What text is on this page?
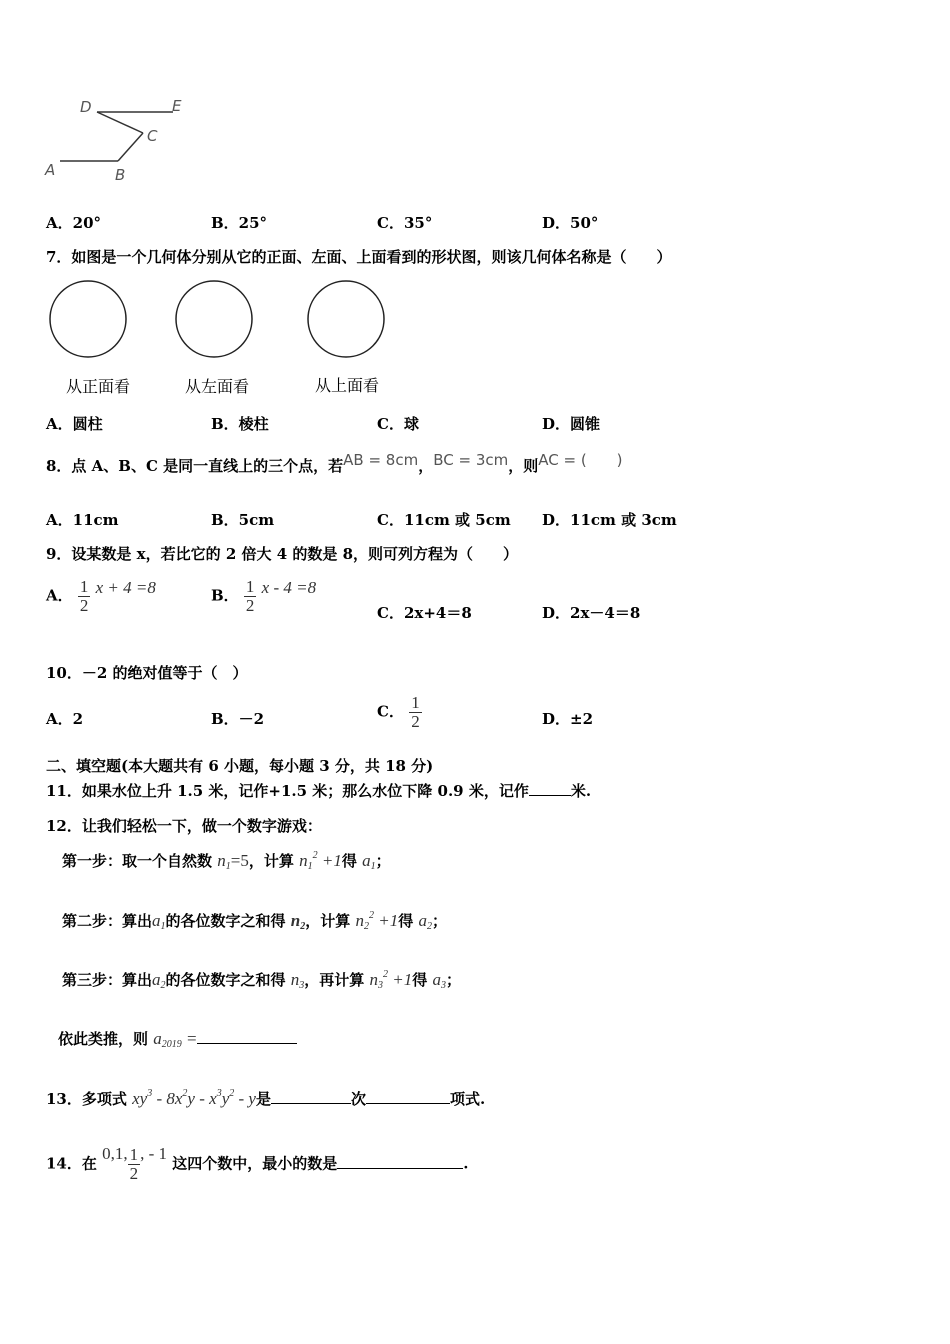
D	E
C
A	B
A．20°	B．25°	C．35°	D．50°
7．如图是一个几何体分别从它的正面、左面、上面看到的形状图，则该几何体名称是（　　）
从正面看	从左面看	从上面看
A．圆柱	B．棱柱	C．球	D．圆锥
8．点 A、B、C 是同一直线上的三个点，若AB = 8cm，BC = 3cm，则AC = (　　)
A．11cm	B．5cm	C．11cm 或 5cm D．11cm 或 3cm
9．设某数是 x，若比它的 2 倍大 4 的数是 8，则可列方程为（　　）
A． $\frac{1}{2}$ x + 4 =8	B． $\frac{1}{2}$ x - 4 =8
C．2x+4＝8	D．2x－4＝8
10．－2 的绝对值等于（　）
A．2	B．－2	C． $\frac{1}{2}$	D．±2
二、填空题(本大题共有 6 小题，每小题 3 分，共 18 分)
11．如果水位上升 1.5 米，记作+1.5 米；那么水位下降 0.9 米，记作	米.
12．让我们轻松一下，做一个数字游戏：
第一步：取一个自然数 $n_1=5$，计算 $n_1^2 +1$得 $a_1$；
第二步：算出$a_1$的各位数字之和得 $n_2$，计算 $n_2^2 +1$得 $a_2$；
第三步：算出$a_2$的各位数字之和得 $n_3$，再计算 $n_3^2 +1$得 $a_3$；
依此类推，则 $a_{2019}$ =
13．多项式 $xy^3 - 8x^2y - x^3y^2$ - y是	次	项式.
14．在 0,1, $\frac{1}{2}$ , - 1 这四个数中，最小的数是	.
